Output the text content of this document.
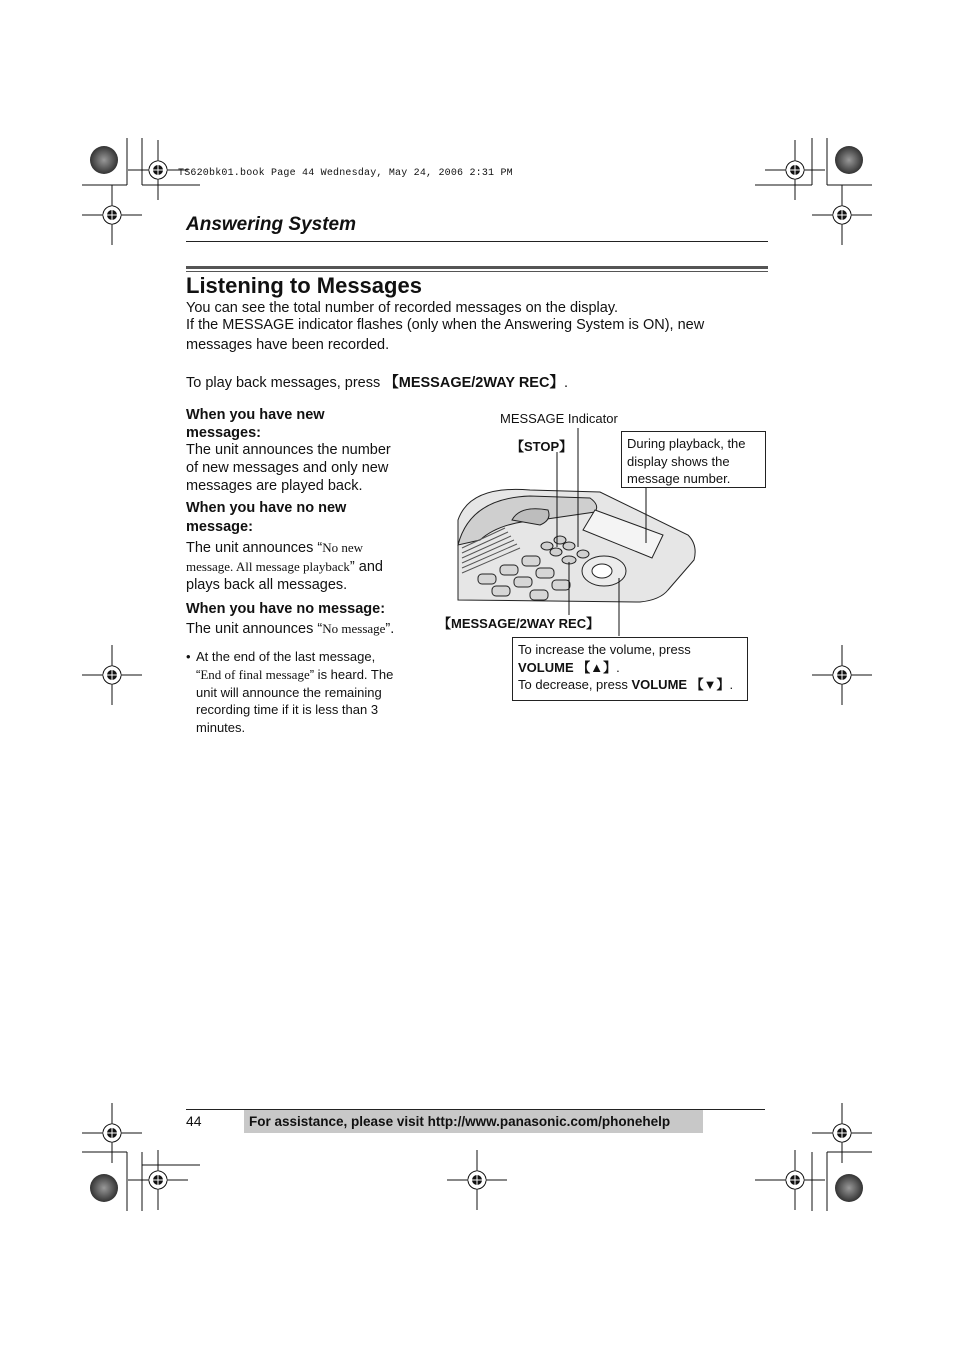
TS620bk01.book Page 44 Wednesday, May 24, 2006 2:31 PM
Answering System
Listening to Messages
You can see the total number of recorded messages on the display.
If the MESSAGE indicator flashes (only when the Answering System is ON), new
messages have been recorded.
To play back messages, press 【MESSAGE/2WAY REC】.
When you have new
messages:
The unit announces the number
of new messages and only new
messages are played back.
When you have no new
message:
The unit announces “No new
message. All message playback” and
plays back all messages.
When you have no message:
The unit announces “No message”.
• At the end of the last message,
“End of final message” is heard. The
unit will announce the remaining
recording time if it is less than 3
minutes.
MESSAGE Indicator
【STOP】
【MESSAGE/2WAY REC】
During playback, the
display shows the
message number.
To increase the volume, press
VOLUME 【▲】.
To decrease, press VOLUME 【▼】.
44	For assistance, please visit http://www.panasonic.com/phonehelp
